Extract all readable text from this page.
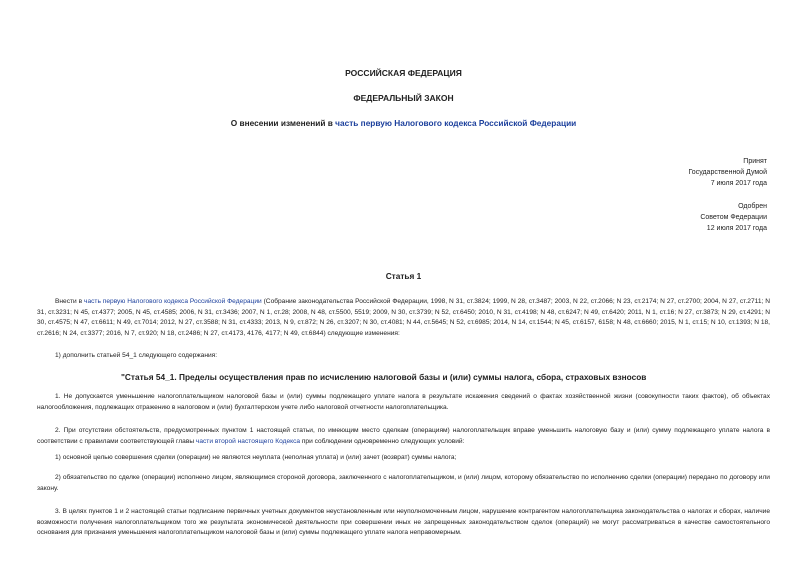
РОССИЙСКАЯ ФЕДЕРАЦИЯ
ФЕДЕРАЛЬНЫЙ ЗАКОН
О внесении изменений в часть первую Налогового кодекса Российской Федерации
Принят
Государственной Думой
7 июля 2017 года
Одобрен
Советом Федерации
12 июля 2017 года
Статья 1
Внести в часть первую Налогового кодекса Российской Федерации (Собрание законодательства Российской Федерации, 1998, N 31, ст.3824; 1999, N 28, ст.3487; 2003, N 22, ст.2066; N 23, ст.2174; N 27, ст.2700; 2004, N 27, ст.2711; N 31, ст.3231; N 45, ст.4377; 2005, N 45, ст.4585; 2006, N 31, ст.3436; 2007, N 1, ст.28; 2008, N 48, ст.5500, 5519; 2009, N 30, ст.3739; N 52, ст.6450; 2010, N 31, ст.4198; N 48, ст.6247; N 49, ст.6420; 2011, N 1, ст.16; N 27, ст.3873; N 29, ст.4291; N 30, ст.4575; N 47, ст.6611; N 49, ст.7014; 2012, N 27, ст.3588; N 31, ст.4333; 2013, N 9, ст.872; N 26, ст.3207; N 30, ст.4081; N 44, ст.5645; N 52, ст.6985; 2014, N 14, ст.1544; N 45, ст.6157, 6158; N 48, ст.6660; 2015, N 1, ст.15; N 10, ст.1393; N 18, ст.2616; N 24, ст.3377; 2016, N 7, ст.920; N 18, ст.2486; N 27, ст.4173, 4176, 4177; N 49, ст.6844) следующие изменения:
1) дополнить статьей 54_1 следующего содержания:
"Статья 54_1. Пределы осуществления прав по исчислению налоговой базы и (или) суммы налога, сбора, страховых взносов
1. Не допускается уменьшение налогоплательщиком налоговой базы и (или) суммы подлежащего уплате налога в результате искажения сведений о фактах хозяйственной жизни (совокупности таких фактов), об объектах налогообложения, подлежащих отражению в налоговом и (или) бухгалтерском учете либо налоговой отчетности налогоплательщика.
2. При отсутствии обстоятельств, предусмотренных пунктом 1 настоящей статьи, по имеющим место сделкам (операциям) налогоплательщик вправе уменьшить налоговую базу и (или) сумму подлежащего уплате налога в соответствии с правилами соответствующей главы части второй настоящего Кодекса при соблюдении одновременно следующих условий:
1) основной целью совершения сделки (операции) не являются неуплата (неполная уплата) и (или) зачет (возврат) суммы налога;
2) обязательство по сделке (операции) исполнено лицом, являющимся стороной договора, заключенного с налогоплательщиком, и (или) лицом, которому обязательство по исполнению сделки (операции) передано по договору или закону.
3. В целях пунктов 1 и 2 настоящей статьи подписание первичных учетных документов неустановленным или неуполномоченным лицом, нарушение контрагентом налогоплательщика законодательства о налогах и сборах, наличие возможности получения налогоплательщиком того же результата экономической деятельности при совершении иных не запрещенных законодательством сделок (операций) не могут рассматриваться в качестве самостоятельного основания для признания уменьшения налогоплательщиком налоговой базы и (или) суммы подлежащего уплате налога неправомерным.
